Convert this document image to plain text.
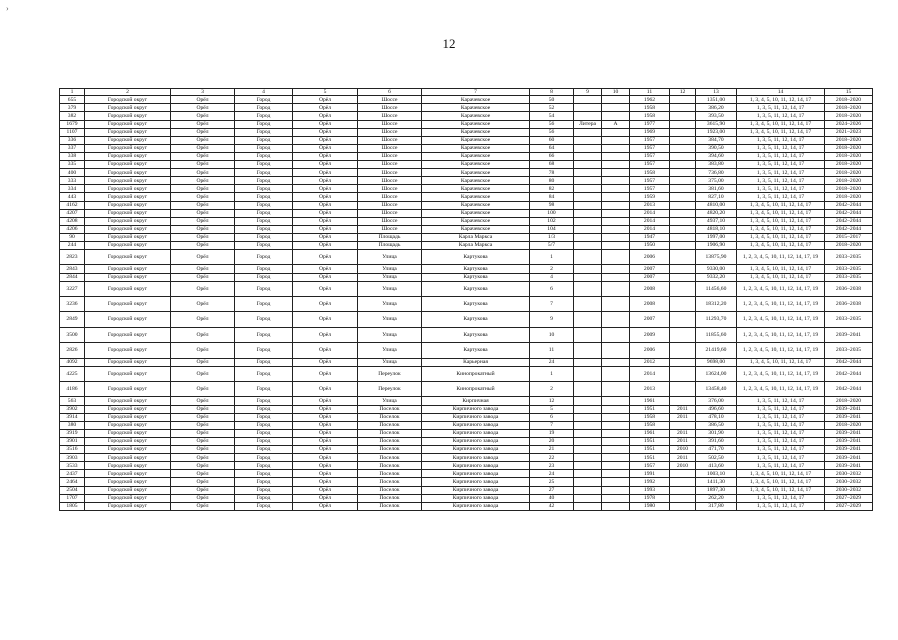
›
12
1	2	3	4	5	6	7	8	9	10	11	12	13	14	15
655	Городской округ	Орёл	Город	Орёл	Шоссе	Карачевское	50			1962		1351,00	1, 3, 4, 5, 10, 11, 12, 14, 17	2018–2020
379	Городской округ	Орёл	Город	Орёл	Шоссе	Карачевское	52			1958		386,20	1, 3, 5, 11, 12, 14, 17	2018–2020
382	Городской округ	Орёл	Город	Орёл	Шоссе	Карачевское	54			1958		393,50	1, 3, 5, 11, 12, 14, 17	2018–2020
1679	Городской округ	Орёл	Город	Орёл	Шоссе	Карачевское	56	Литера	А	1977		3615,90	1, 3, 4, 5, 10, 11, 12, 14, 17	2024–2026
1107	Городской округ	Орёл	Город	Орёл	Шоссе	Карачевское	56			1969		1923,00	1, 3, 4, 5, 10, 11, 12, 14, 17	2021–2023
336	Городской округ	Орёл	Город	Орёл	Шоссе	Карачевское	60			1957		384,70	1, 3, 5, 11, 12, 14, 17	2018–2020
337	Городской округ	Орёл	Город	Орёл	Шоссе	Карачевское	64			1957		390,50	1, 3, 5, 11, 12, 14, 17	2018–2020
338	Городской округ	Орёл	Город	Орёл	Шоссе	Карачевское	66			1957		394,60	1, 3, 5, 11, 12, 14, 17	2018–2020
335	Городской округ	Орёл	Город	Орёл	Шоссе	Карачевское	68			1957		383,80	1, 3, 5, 11, 12, 14, 17	2018–2020
400	Городской округ	Орёл	Город	Орёл	Шоссе	Карачевское	78			1958		736,80	1, 3, 5, 11, 12, 14, 17	2018–2020
333	Городской округ	Орёл	Город	Орёл	Шоссе	Карачевское	80			1957		375,00	1, 3, 5, 11, 12, 14, 17	2018–2020
334	Городской округ	Орёл	Город	Орёл	Шоссе	Карачевское	82			1957		381,60	1, 3, 5, 11, 12, 14, 17	2018–2020
443	Городской округ	Орёл	Город	Орёл	Шоссе	Карачевское	84			1959		827,10	1, 3, 5, 11, 12, 14, 17	2018–2020
4162	Городской округ	Орёл	Город	Орёл	Шоссе	Карачевское	98			2013		4810,00	1, 3, 4, 5, 10, 11, 12, 14, 17	2042–2044
4207	Городской округ	Орёл	Город	Орёл	Шоссе	Карачевское	100			2014		4820,20	1, 3, 4, 5, 10, 11, 12, 14, 17	2042–2044
4208	Городской округ	Орёл	Город	Орёл	Шоссе	Карачевское	102			2014		4937,10	1, 3, 4, 5, 10, 11, 12, 14, 17	2042–2044
4206	Городской округ	Орёл	Город	Орёл	Шоссе	Карачевское	104			2014		4818,10	1, 3, 4, 5, 10, 11, 12, 14, 17	2042–2044
90	Городской округ	Орёл	Город	Орёл	Площадь	Карла Маркса	1/3			1947		1997,00	1, 3, 4, 5, 10, 11, 12, 14, 17	2015–2017
244	Городской округ	Орёл	Город	Орёл	Площадь	Карла Маркса	5/7			1950		1906,90	1, 3, 4, 5, 10, 11, 12, 14, 17	2018–2020
2823	Городской округ	Орёл	Город	Орёл	Улица	Картукова	1			2006		13875,90	1, 2, 3, 4, 5, 10, 11, 12, 14, 17, 19	2033–2035
2843	Городской округ	Орёл	Город	Орёл	Улица	Картукова	2			2007		9330,00	1, 3, 4, 5, 10, 11, 12, 14, 17	2033–2035
2844	Городской округ	Орёл	Город	Орёл	Улица	Картукова	4			2007		9332,20	1, 3, 4, 5, 10, 11, 12, 14, 17	2033–2035
3227	Городской округ	Орёл	Город	Орёл	Улица	Картукова	6			2008		11456,60	1, 2, 3, 4, 5, 10, 11, 12, 14, 17, 19	2036–2038
3236	Городской округ	Орёл	Город	Орёл	Улица	Картукова	7			2008		18312,20	1, 2, 3, 4, 5, 10, 11, 12, 14, 17, 19	2036–2038
2849	Городской округ	Орёл	Город	Орёл	Улица	Картукова	9			2007		11293,70	1, 2, 3, 4, 5, 10, 11, 12, 14, 17, 19	2033–2035
3500	Городской округ	Орёл	Город	Орёл	Улица	Картукова	10			2009		11855,60	1, 2, 3, 4, 5, 10, 11, 12, 14, 17, 19	2039–2041
2826	Городской округ	Орёл	Город	Орёл	Улица	Картукова	11			2006		21419,60	1, 2, 3, 4, 5, 10, 11, 12, 14, 17, 19	2033–2035
4092	Городской округ	Орёл	Город	Орёл	Улица	Карьерная	24			2012		9698,00	1, 3, 4, 5, 10, 11, 12, 14, 17	2042–2044
4225	Городской округ	Орёл	Город	Орёл	Переулок	Кинопрокатный	1			2014		13624,00	1, 2, 3, 4, 5, 10, 11, 12, 14, 17, 19	2042–2044
4186	Городской округ	Орёл	Город	Орёл	Переулок	Кинопрокатный	2			2013		13458,40	1, 2, 3, 4, 5, 10, 11, 12, 14, 17, 19	2042–2044
563	Городской округ	Орёл	Город	Орёл	Улица	Кирпичная	12			1961		376,00	1, 3, 5, 11, 12, 14, 17	2018–2020
3902	Городской округ	Орёл	Город	Орёл	Поселок	Кирпичного завода	5			1951	2011	496,60	1, 3, 5, 11, 12, 14, 17	2039–2041
3914	Городской округ	Орёл	Город	Орёл	Поселок	Кирпичного завода	6			1958	2011	478,10	1, 3, 5, 11, 12, 14, 17	2039–2041
380	Городской округ	Орёл	Город	Орёл	Поселок	Кирпичного завода	7			1958		386,50	1, 3, 5, 11, 12, 14, 17	2018–2020
3919	Городской округ	Орёл	Город	Орёл	Поселок	Кирпичного завода	19			1961	2011	301,90	1, 3, 5, 11, 12, 14, 17	2039–2041
3901	Городской округ	Орёл	Город	Орёл	Поселок	Кирпичного завода	20			1951	2011	391,60	1, 3, 5, 11, 12, 14, 17	2039–2041
3516	Городской округ	Орёл	Город	Орёл	Поселок	Кирпичного завода	21			1951	2010	471,70	1, 3, 5, 11, 12, 14, 17	2039–2041
3903	Городской округ	Орёл	Город	Орёл	Поселок	Кирпичного завода	22			1951	2011	502,50	1, 3, 5, 11, 12, 14, 17	2039–2041
3533	Городской округ	Орёл	Город	Орёл	Поселок	Кирпичного завода	23			1957	2010	413,60	1, 3, 5, 11, 12, 14, 17	2039–2041
2437	Городской округ	Орёл	Город	Орёл	Поселок	Кирпичного завода	24			1991		1003,10	1, 3, 4, 5, 10, 11, 12, 14, 17	2030–2032
2464	Городской округ	Орёл	Город	Орёл	Поселок	Кирпичного завода	25			1992		1411,30	1, 3, 4, 5, 10, 11, 12, 14, 17	2030–2032
2504	Городской округ	Орёл	Город	Орёл	Поселок	Кирпичного завода	27			1993		1897,30	1, 3, 4, 5, 10, 11, 12, 14, 17	2030–2032
1707	Городской округ	Орёл	Город	Орёл	Поселок	Кирпичного завода	40			1978		262,20	1, 3, 5, 11, 12, 14, 17	2027–2029
1805	Городской округ	Орёл	Город	Орёл	Поселок	Кирпичного завода	42			1980		317,80	1, 3, 5, 11, 12, 14, 17	2027–2029
